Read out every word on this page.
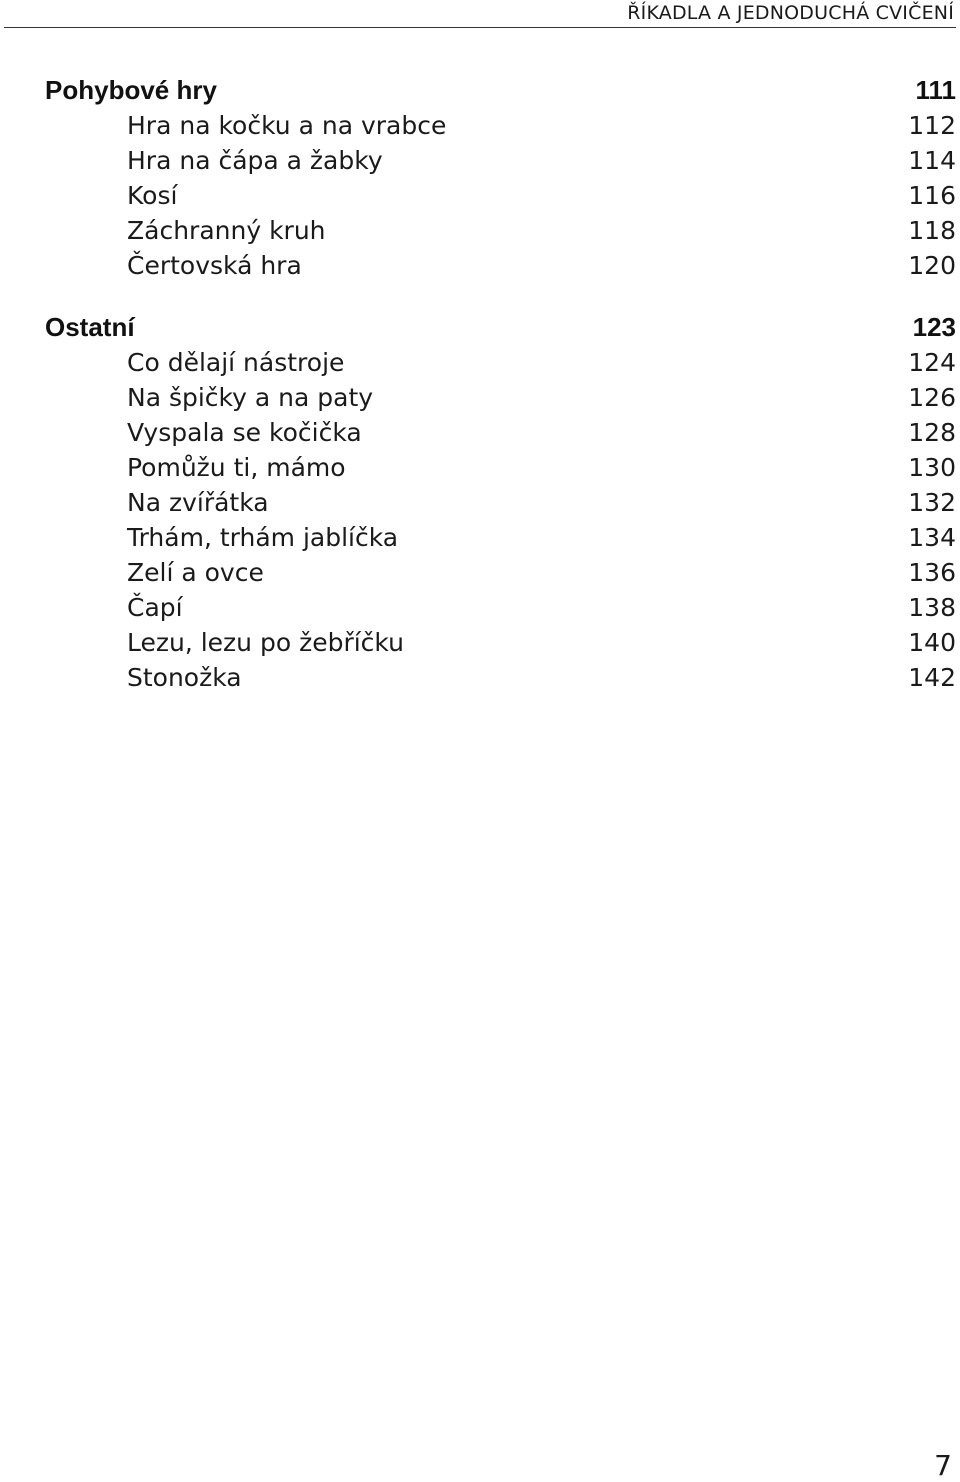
ŘÍKADLA A JEDNODUCHÁ CVIČENÍ
Pohybové hry	111
Hra na kočku a na vrabce	112
Hra na čápa a žabky	114
Kosí	116
Záchranný kruh	118
Čertovská hra	120
Ostatní	123
Co dělají nástroje	124
Na špičky a na paty	126
Vyspala se kočička	128
Pomůžu ti, mámo	130
Na zvířátka	132
Trhám, trhám jablíčka	134
Zelí a ovce	136
Čapí	138
Lezu, lezu po žebříčku	140
Stonožka	142
7
